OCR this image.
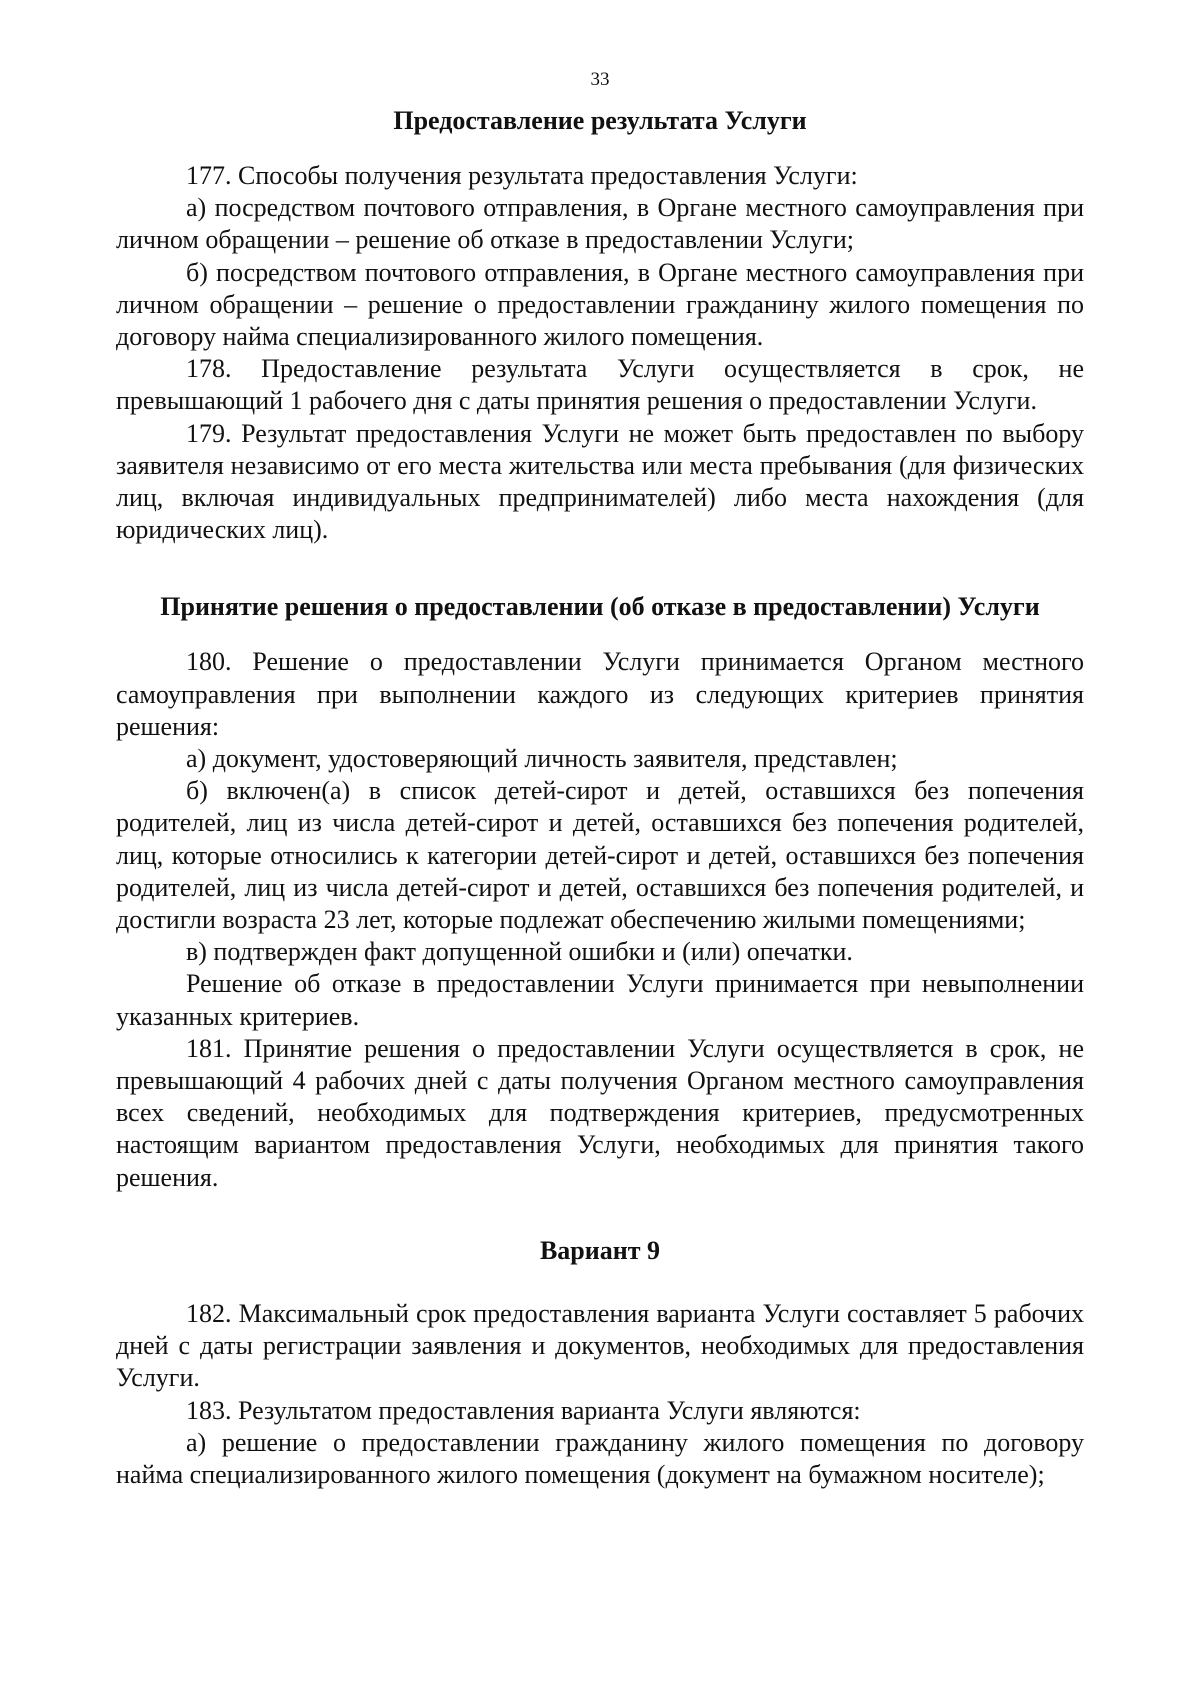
33
Предоставление результата Услуги

177. Способы получения результата предоставления Услуги:

а) посредством почтового отправления, в Органе местного самоуправления при личном обращении – решение об отказе в предоставлении Услуги;

б) посредством почтового отправления, в Органе местного самоуправления при личном обращении – решение о предоставлении гражданину жилого помещения по договору найма специализированного жилого помещения.

178. Предоставление результата Услуги осуществляется в срок, не превышающий 1 рабочего дня с даты принятия решения о предоставлении Услуги.

179. Результат предоставления Услуги не может быть предоставлен по выбору заявителя независимо от его места жительства или места пребывания (для физических лиц, включая индивидуальных предпринимателей) либо места нахождения (для юридических лиц).

Принятие решения о предоставлении (об отказе в предоставлении) Услуги

180. Решение о предоставлении Услуги принимается Органом местного самоуправления при выполнении каждого из следующих критериев принятия решения:

а) документ, удостоверяющий личность заявителя, представлен;

б) включен(а) в список детей-сирот и детей, оставшихся без попечения родителей, лиц из числа детей-сирот и детей, оставшихся без попечения родителей, лиц, которые относились к категории детей-сирот и детей, оставшихся без попечения родителей, лиц из числа детей-сирот и детей, оставшихся без попечения родителей, и достигли возраста 23 лет, которые подлежат обеспечению жилыми помещениями;

в) подтвержден факт допущенной ошибки и (или) опечатки.

Решение об отказе в предоставлении Услуги принимается при невыполнении указанных критериев.

181. Принятие решения о предоставлении Услуги осуществляется в срок, не превышающий 4 рабочих дней с даты получения Органом местного самоуправления всех сведений, необходимых для подтверждения критериев, предусмотренных настоящим вариантом предоставления Услуги, необходимых для принятия такого решения.

Вариант 9

182. Максимальный срок предоставления варианта Услуги составляет 5 рабочих дней с даты регистрации заявления и документов, необходимых для предоставления Услуги.

183. Результатом предоставления варианта Услуги являются:

а) решение о предоставлении гражданину жилого помещения по договору найма специализированного жилого помещения (документ на бумажном носителе);
